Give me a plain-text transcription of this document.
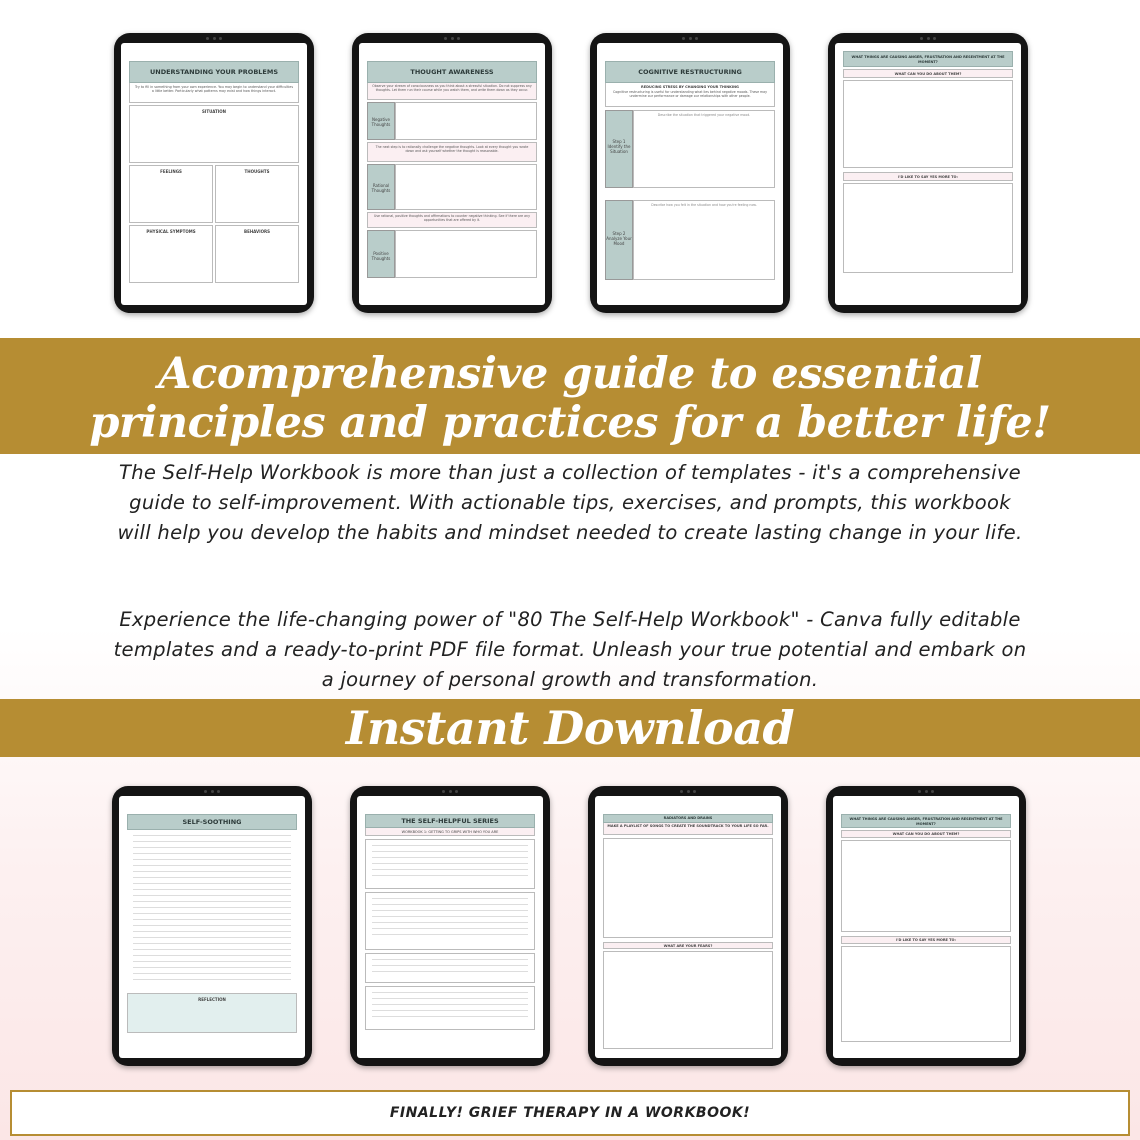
UNDERSTANDING YOUR PROBLEMS
Try to fill in something from your own experience. You may begin to understand your difficulties a little better. Particularly what patterns may exist and how things interact.
SITUATION
FEELINGS	THOUGHTS
PHYSICAL SYMPTOMS	BEHAVIORS
THOUGHT AWARENESS
Observe your stream of consciousness as you think about a stressful situation. Do not suppress any thoughts. Let them run their course while you watch them, and write them down as they occur.
Negative Thoughts
The next step is to rationally challenge the negative thoughts. Look at every thought you wrote down and ask yourself whether the thought is reasonable.
Rational Thoughts
Use rational, positive thoughts and affirmations to counter negative thinking. See if there are any opportunities that are offered by it.
Positive Thoughts
COGNITIVE RESTRUCTURING
REDUCING STRESS BY CHANGING YOUR THINKING
Cognitive restructuring is useful for understanding what lies behind negative moods. These may undermine our performance or damage our relationships with other people.
Step 1 Identify the Situation
Describe the situation that triggered your negative mood.
Step 2 Analyze Your Mood
Describe how you felt in the situation and how you're feeling now.
WHAT THINGS ARE CAUSING ANGER, FRUSTRATION AND RESENTMENT AT THE MOMENT?
WHAT CAN YOU DO ABOUT THEM?
I'D LIKE TO SAY YES MORE TO:
Acomprehensive guide to essential
principles and practices for a better life!
The Self-Help Workbook is more than just a collection of templates - it's a comprehensive guide to self-improvement. With actionable tips, exercises, and prompts, this workbook will help you develop the habits and mindset needed to create lasting change in your life.
Experience the life-changing power of "80 The Self-Help Workbook" - Canva fully editable templates and a ready-to-print PDF file format. Unleash your true potential and embark on a journey of personal growth and transformation.
Instant Download
SELF-SOOTHING
REFLECTION
THE SELF-HELPFUL SERIES
WORKBOOK 1: GETTING TO GRIPS WITH WHO YOU ARE
RADIATORS AND DRAINS
MAKE A PLAYLIST OF SONGS TO CREATE THE SOUNDTRACK TO YOUR LIFE SO FAR.
WHAT ARE YOUR FEARS?
WHAT THINGS ARE CAUSING ANGER, FRUSTRATION AND RESENTMENT AT THE MOMENT?
WHAT CAN YOU DO ABOUT THEM?
I'D LIKE TO SAY YES MORE TO:
FINALLY! GRIEF THERAPY IN A WORKBOOK!
